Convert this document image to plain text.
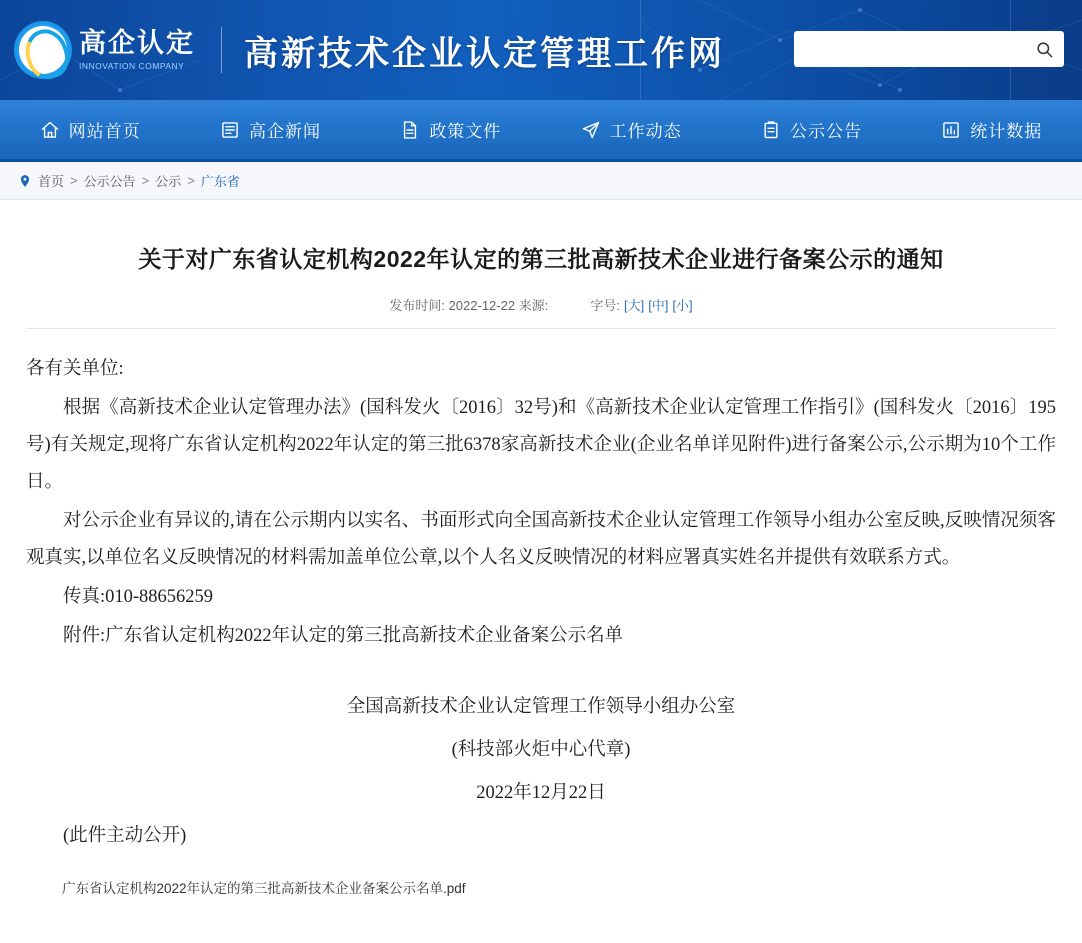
高企认定
INNOVATION COMPANY	高新技术企业认定管理工作网
网站首页	高企新闻	政策文件	工作动态	公示公告	统计数据
首页 > 公示公告 > 公示 > 广东省
关于对广东省认定机构2022年认定的第三批高新技术企业进行备案公示的通知
发布时间: 2022-12-22 来源:	字号: [大] [中] [小]

各有关单位:

根据《高新技术企业认定管理办法》(国科发火〔2016〕32号)和《高新技术企业认定管理工作指引》(国科发火〔2016〕195号)有关规定,现将广东省认定机构2022年认定的第三批6378家高新技术企业(企业名单详见附件)进行备案公示,公示期为10个工作日。

对公示企业有异议的,请在公示期内以实名、书面形式向全国高新技术企业认定管理工作领导小组办公室反映,反映情况须客观真实,以单位名义反映情况的材料需加盖单位公章,以个人名义反映情况的材料应署真实姓名并提供有效联系方式。

传真:010-88656259

附件:广东省认定机构2022年认定的第三批高新技术企业备案公示名单

全国高新技术企业认定管理工作领导小组办公室

(科技部火炬中心代章)

2022年12月22日

(此件主动公开)

广东省认定机构2022年认定的第三批高新技术企业备案公示名单.pdf
